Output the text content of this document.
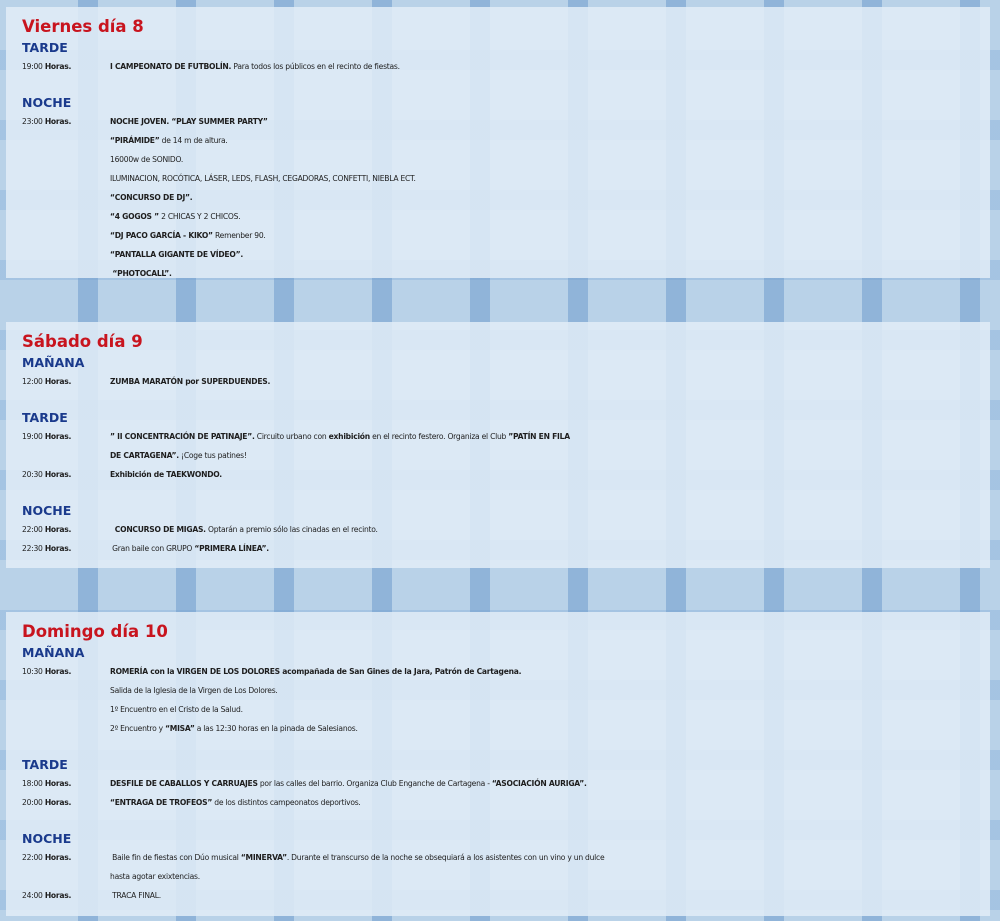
Viernes día 8
TARDE
19:00 Horas.	I CAMPEONATO DE FUTBOLÍN. Para todos los públicos en el recinto de fiestas.
NOCHE
23:00 Horas.	NOCHE JOVEN. “PLAY SUMMER PARTY”
“PIRÁMIDE” de 14 m de altura.
16000w de SONIDO.
ILUMINACION, ROCÓTICA, LÁSER, LEDS, FLASH, CEGADORAS, CONFETTI, NIEBLA ECT.
“CONCURSO DE DJ”.
“4 GOGOS ” 2 CHICAS Y 2 CHICOS.
“DJ PACO GARCÍA - KIKO” Remenber 90.
“PANTALLA GIGANTE DE VÍDEO”.
“PHOTOCALL”.
Sábado día 9
MAÑANA
12:00 Horas.	ZUMBA MARATÓN por SUPERDUENDES.
TARDE
19:00 Horas.	” II CONCENTRACIÓN DE PATINAJE”. Circuito urbano con exhibición en el recinto festero. Organiza el Club ”PATÍN EN FILA
DE CARTAGENA”. ¡Coge tus patines!
20:30 Horas.	Exhibición de TAEKWONDO.
NOCHE
22:00 Horas.	CONCURSO DE MIGAS. Optarán a premio sólo las cinadas en el recinto.
22:30 Horas.	Gran baile con GRUPO “PRIMERA LÍNEA”.
Domingo día 10
MAÑANA
10:30 Horas.	ROMERÍA con la VIRGEN DE LOS DOLORES acompañada de San Gines de la Jara, Patrón de Cartagena.
Salida de la Iglesia de la Virgen de Los Dolores.
1º Encuentro en el Cristo de la Salud.
2º Encuentro y “MISA” a las 12:30 horas en la pinada de Salesianos.
TARDE
18:00 Horas.	DESFILE DE CABALLOS Y CARRUAJES por las calles del barrio. Organiza Club Enganche de Cartagena - “ASOCIACIÓN AURIGA”.
20:00 Horas.	“ENTRAGA DE TROFEOS” de los distintos campeonatos deportivos.
NOCHE
22:00 Horas.	Baile fin de fiestas con Dúo musical “MINERVA”. Durante el transcurso de la noche se obsequiará a los asistentes con un vino y un dulce
hasta agotar exixtencias.
24:00 Horas.	TRACA FINAL.
